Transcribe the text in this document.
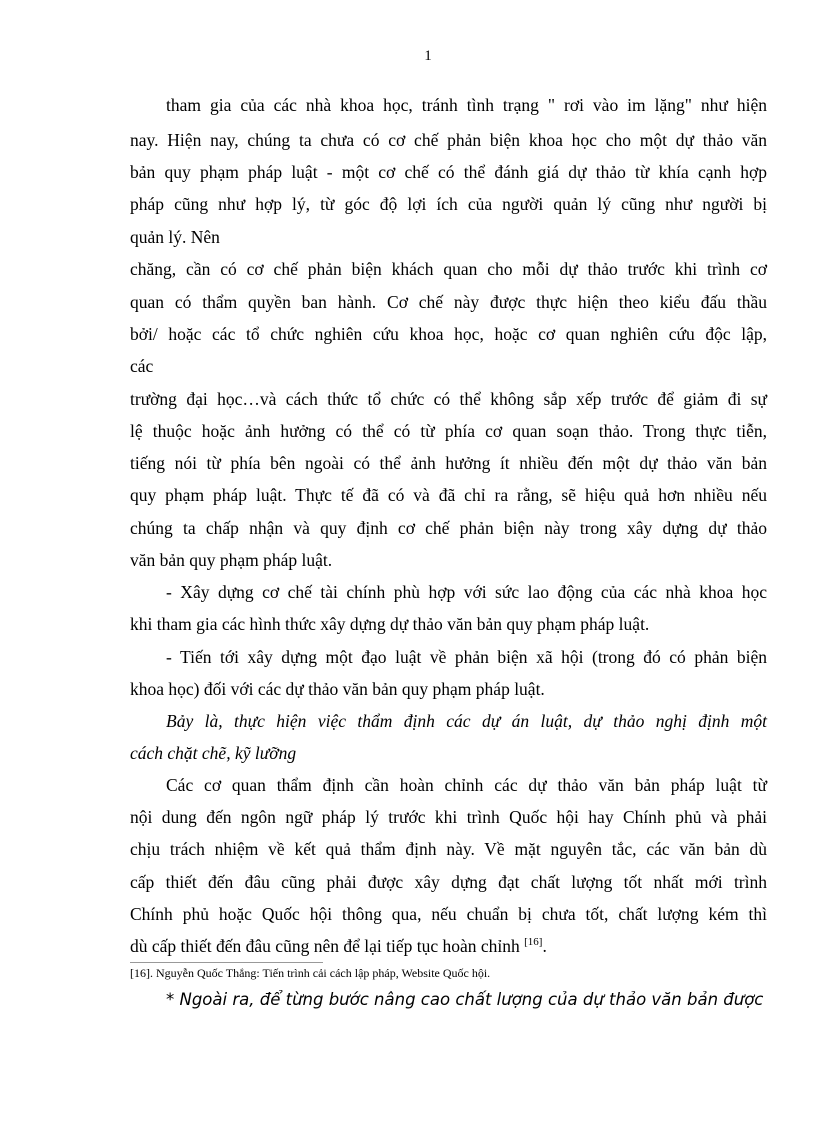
1
tham gia của các nhà khoa học, tránh tình trạng " rơi vào im lặng" như hiện
nay. Hiện nay, chúng ta chưa có cơ chế phản biện khoa học cho một dự thảo văn
bản quy phạm pháp luật - một cơ chế có thể đánh giá dự thảo từ khía cạnh hợp
pháp cũng như hợp lý, từ góc độ lợi ích của người quản lý cũng như người bị
quản lý. Nên
chăng, cần có cơ chế phản biện khách quan cho mỗi dự thảo trước khi trình cơ
quan có thẩm quyền ban hành. Cơ chế này được thực hiện theo kiểu đấu thầu
bởi/ hoặc các tổ chức nghiên cứu khoa học, hoặc cơ quan nghiên cứu độc lập,
các
trường đại học…và cách thức tổ chức có thể không sắp xếp trước để giảm đi sự
lệ thuộc hoặc ảnh hưởng có thể có từ phía cơ quan soạn thảo. Trong thực tiễn,
tiếng nói từ phía bên ngoài có thể ảnh hưởng ít nhiều đến một dự thảo văn bản
quy phạm pháp luật. Thực tế đã có và đã chỉ ra rằng, sẽ hiệu quả hơn nhiều nếu
chúng ta chấp nhận và quy định cơ chế phản biện này trong xây dựng dự thảo
văn bản quy phạm pháp luật.
- Xây dựng cơ chế tài chính phù hợp với sức lao động của các nhà khoa học
khi tham gia các hình thức xây dựng dự thảo văn bản quy phạm pháp luật.
- Tiến tới xây dựng một đạo luật về phản biện xã hội (trong đó có phản biện
khoa học) đối với các dự thảo văn bản quy phạm pháp luật.
Bảy là, thực hiện việc thẩm định các dự án luật, dự thảo nghị định một
cách chặt chẽ, kỹ lưỡng
Các cơ quan thẩm định cần hoàn chỉnh các dự thảo văn bản pháp luật từ
nội dung đến ngôn ngữ pháp lý trước khi trình Quốc hội hay Chính phủ và phải
chịu trách nhiệm về kết quả thẩm định này. Về mặt nguyên tắc, các văn bản dù
cấp thiết đến đâu cũng phải được xây dựng đạt chất lượng tốt nhất mới trình
Chính phủ hoặc Quốc hội thông qua, nếu chuẩn bị chưa tốt, chất lượng kém thì
dù cấp thiết đến đâu cũng nên để lại tiếp tục hoàn chỉnh [16].
[16]. Nguyễn Quốc Thắng: Tiến trình cải cách lập pháp, Website Quốc hội.
* Ngoài ra, để từng bước nâng cao chất lượng của dự thảo văn bản được
